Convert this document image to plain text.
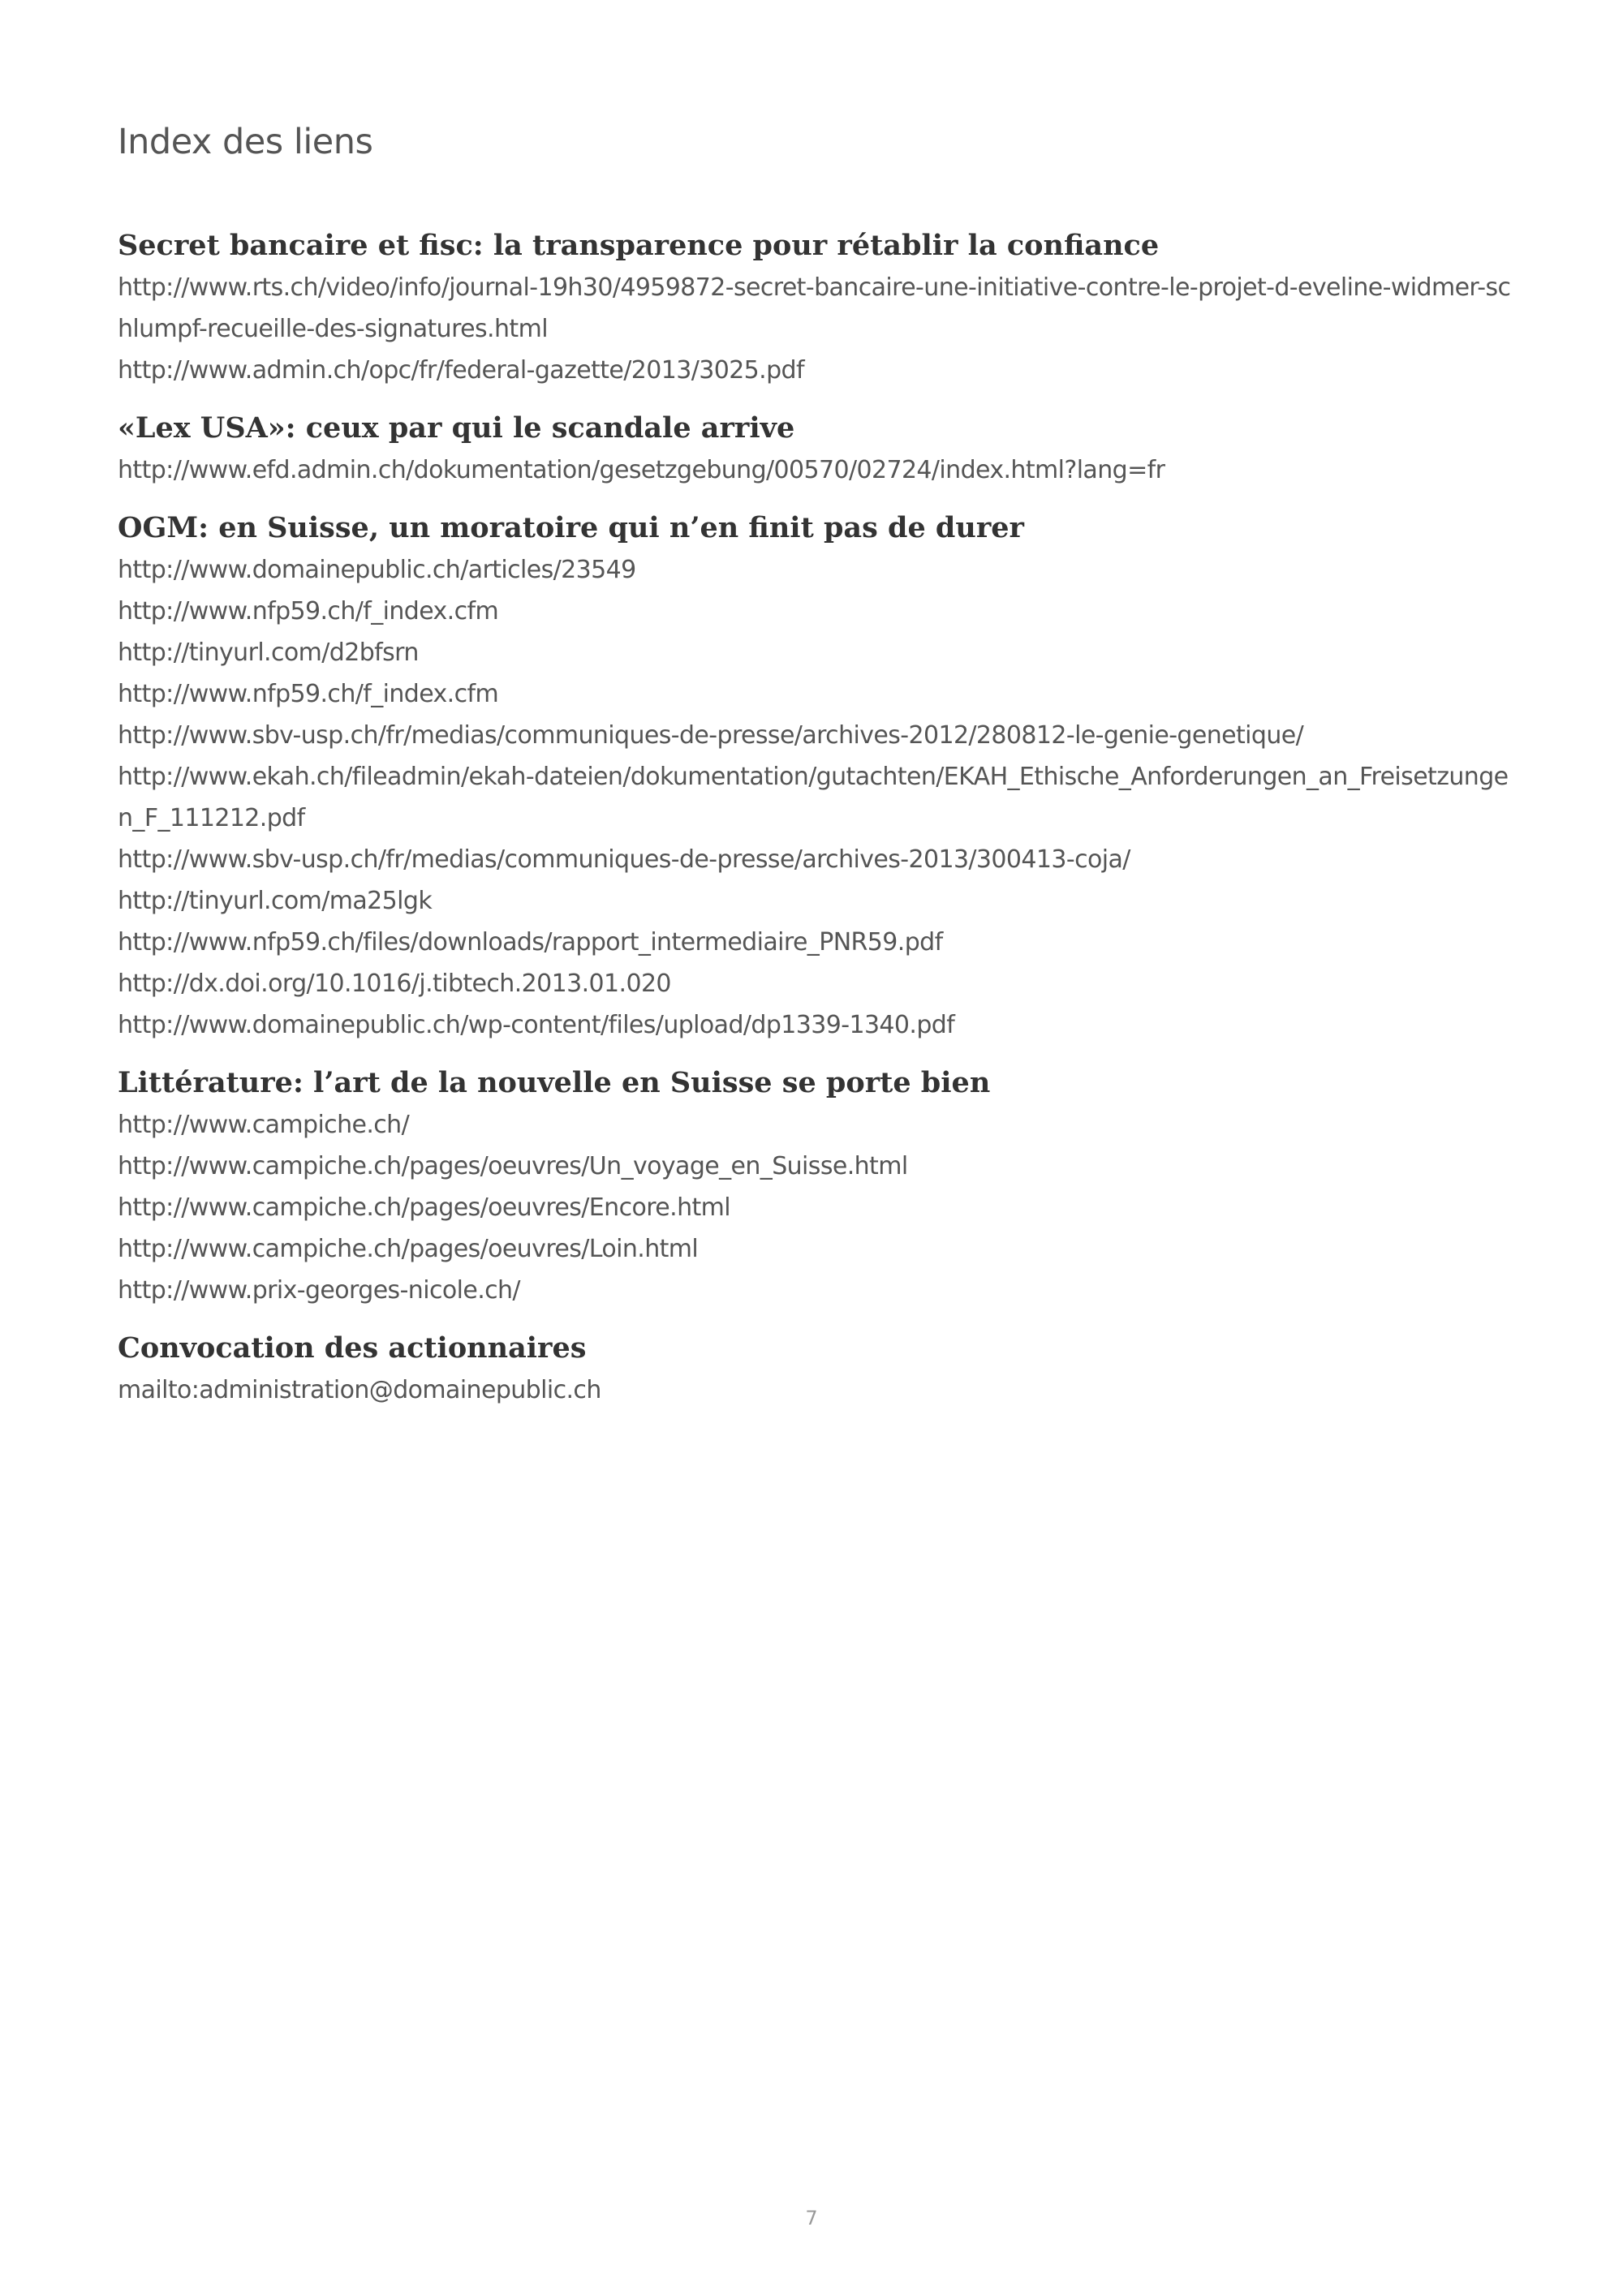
Index des liens
Secret bancaire et fisc: la transparence pour rétablir la confiance
http://www.rts.ch/video/info/journal-19h30/4959872-secret-bancaire-une-initiative-contre-le-projet-d-eveline-widmer-schlumpf-recueille-des-signatures.html
http://www.admin.ch/opc/fr/federal-gazette/2013/3025.pdf
«Lex USA»: ceux par qui le scandale arrive
http://www.efd.admin.ch/dokumentation/gesetzgebung/00570/02724/index.html?lang=fr
OGM: en Suisse, un moratoire qui n’en finit pas de durer
http://www.domainepublic.ch/articles/23549
http://www.nfp59.ch/f_index.cfm
http://tinyurl.com/d2bfsrn
http://www.nfp59.ch/f_index.cfm
http://www.sbv-usp.ch/fr/medias/communiques-de-presse/archives-2012/280812-le-genie-genetique/
http://www.ekah.ch/fileadmin/ekah-dateien/dokumentation/gutachten/EKAH_Ethische_Anforderungen_an_Freisetzungen_F_111212.pdf
http://www.sbv-usp.ch/fr/medias/communiques-de-presse/archives-2013/300413-coja/
http://tinyurl.com/ma25lgk
http://www.nfp59.ch/files/downloads/rapport_intermediaire_PNR59.pdf
http://dx.doi.org/10.1016/j.tibtech.2013.01.020
http://www.domainepublic.ch/wp-content/files/upload/dp1339-1340.pdf
Littérature: l’art de la nouvelle en Suisse se porte bien
http://www.campiche.ch/
http://www.campiche.ch/pages/oeuvres/Un_voyage_en_Suisse.html
http://www.campiche.ch/pages/oeuvres/Encore.html
http://www.campiche.ch/pages/oeuvres/Loin.html
http://www.prix-georges-nicole.ch/
Convocation des actionnaires
mailto:administration@domainepublic.ch
7
